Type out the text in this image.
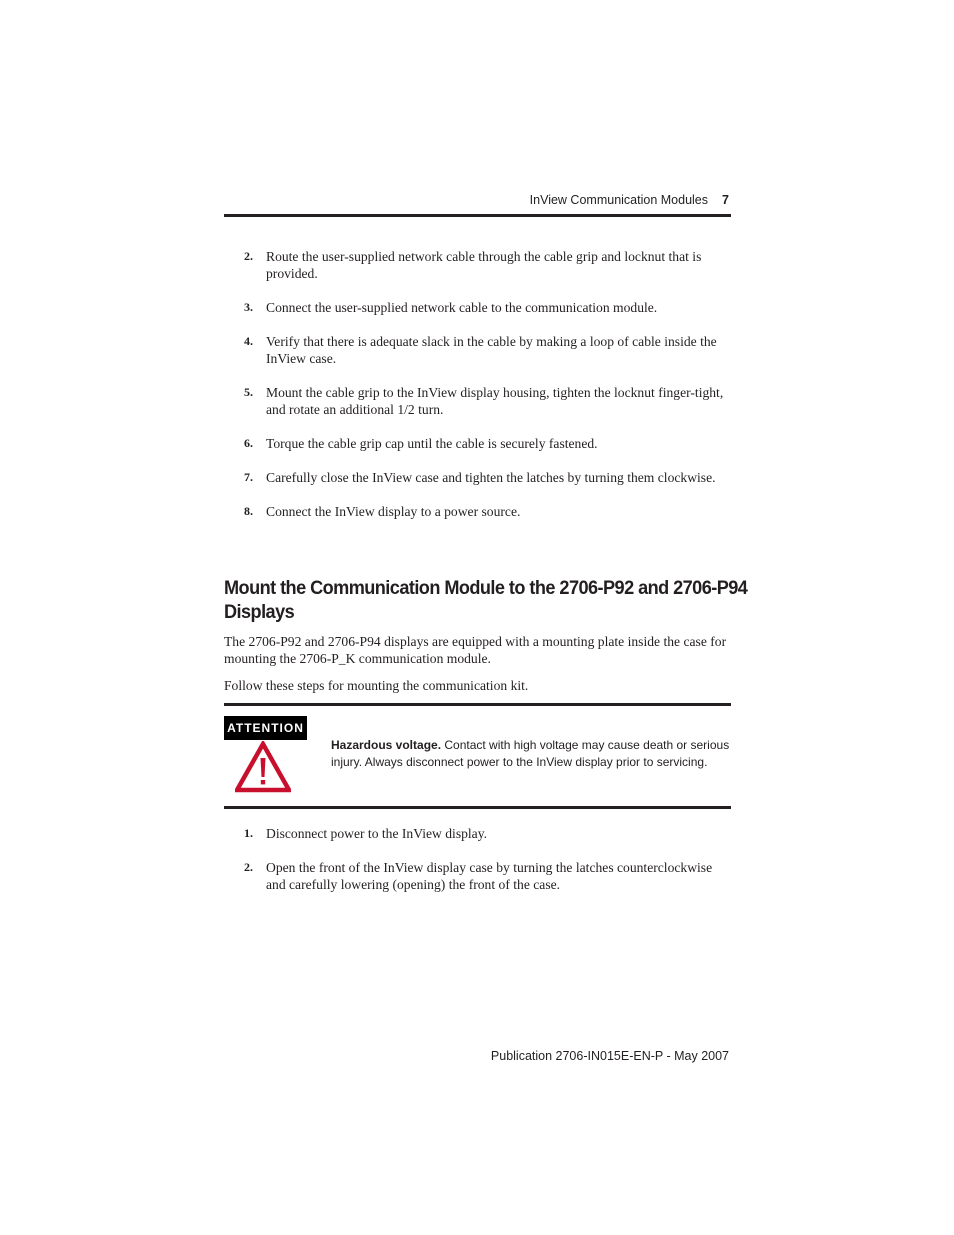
InView Communication Modules 7
2. Route the user-supplied network cable through the cable grip and locknut that is provided.
3. Connect the user-supplied network cable to the communication module.
4. Verify that there is adequate slack in the cable by making a loop of cable inside the InView case.
5. Mount the cable grip to the InView display housing, tighten the locknut finger-tight, and rotate an additional 1/2 turn.
6. Torque the cable grip cap until the cable is securely fastened.
7. Carefully close the InView case and tighten the latches by turning them clockwise.
8. Connect the InView display to a power source.
Mount the Communication Module to the 2706-P92 and 2706-P94
Displays

The 2706-P92 and 2706-P94 displays are equipped with a mounting plate inside the case for mounting the 2706-P_K communication module.

Follow these steps for mounting the communication kit.

ATTENTION

Hazardous voltage. Contact with high voltage may cause death or serious injury. Always disconnect power to the InView display prior to servicing.

1. Disconnect power to the InView display.
2. Open the front of the InView display case by turning the latches counterclockwise and carefully lowering (opening) the front of the case.
Publication 2706-IN015E-EN-P - May 2007
